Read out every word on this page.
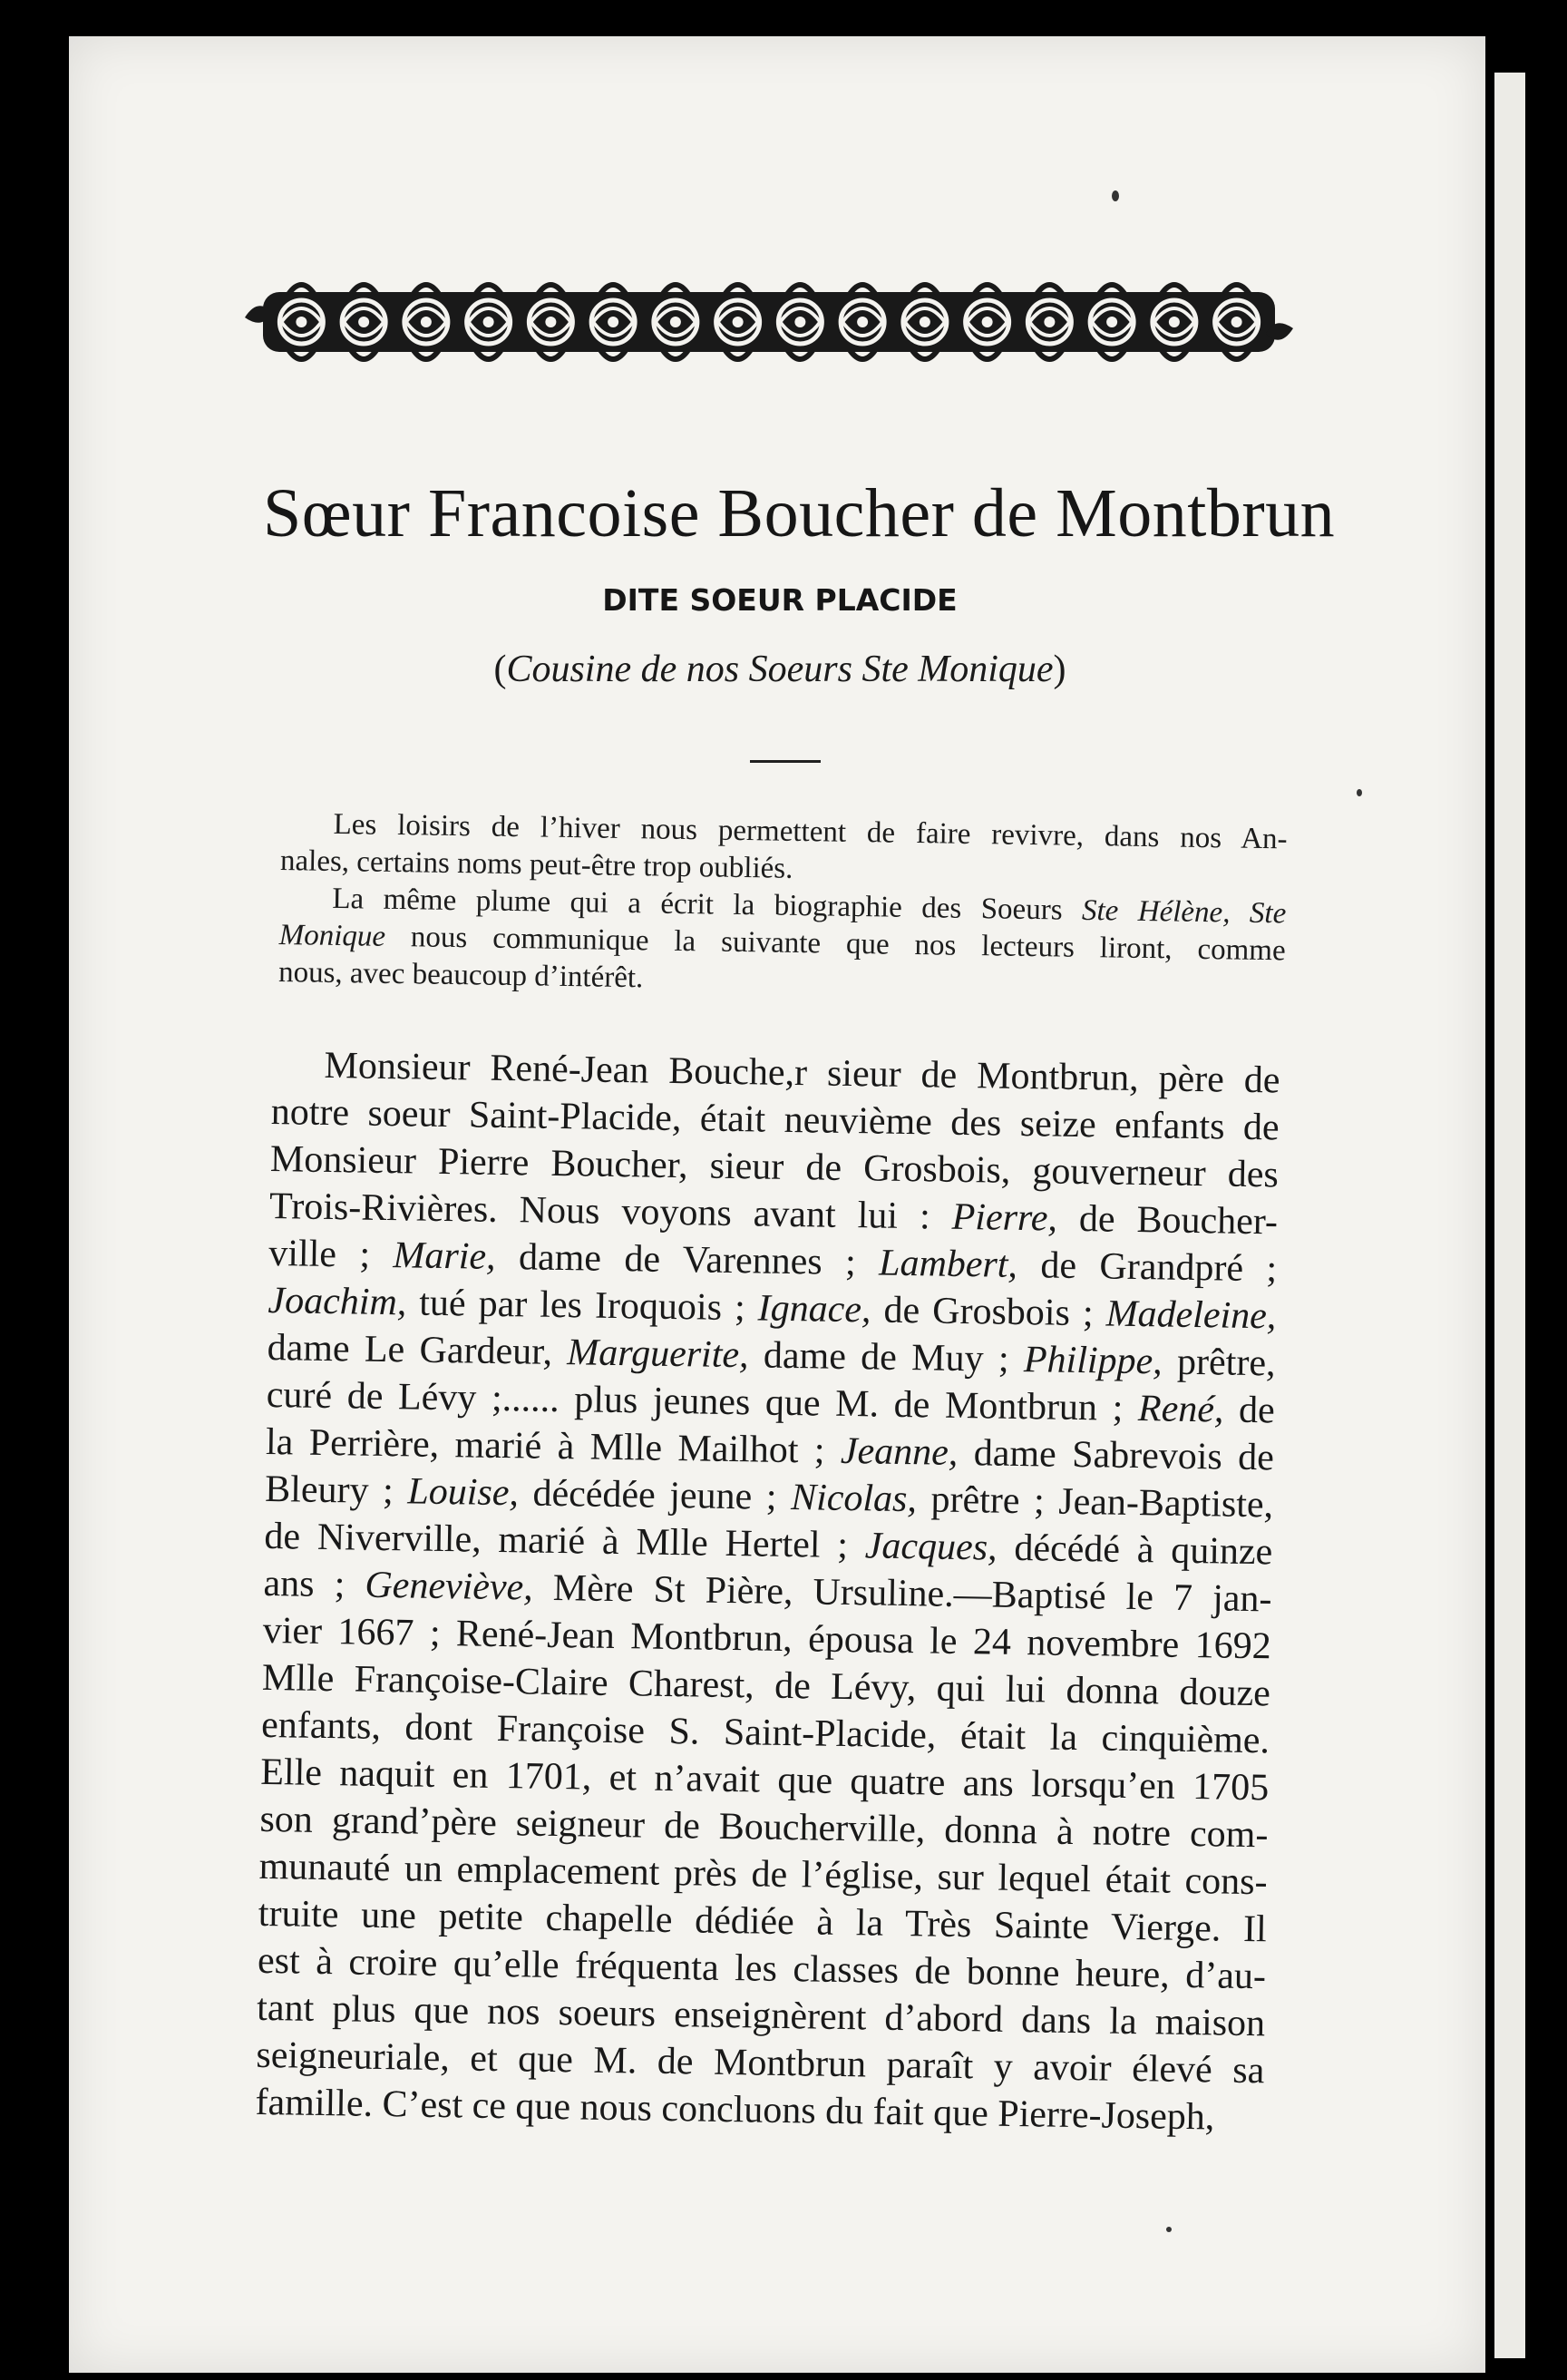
Sœur Francoise Boucher de Montbrun
DITE SOEUR PLACIDE
(Cousine de nos Soeurs Ste Monique)
Les loisirs de l’hiver nous permettent de faire revivre, dans nos An-
nales, certains noms peut-être trop oubliés.
La même plume qui a écrit la biographie des Soeurs Ste Hélène, Ste
Monique nous communique la suivante que nos lecteurs liront, comme
nous, avec beaucoup d’intérêt.
Monsieur René-Jean Bouche,r sieur de Montbrun, père de
notre soeur Saint-Placide, était neuvième des seize enfants de
Monsieur Pierre Boucher, sieur de Grosbois, gouverneur des
Trois-Rivières. Nous voyons avant lui : Pierre, de Boucher-
ville ; Marie, dame de Varennes ; Lambert, de Grandpré ;
Joachim, tué par les Iroquois ; Ignace, de Grosbois ; Madeleine,
dame Le Gardeur, Marguerite, dame de Muy ; Philippe, prêtre,
curé de Lévy ;...... plus jeunes que M. de Montbrun ; René, de
la Perrière, marié à Mlle Mailhot ; Jeanne, dame Sabrevois de
Bleury ; Louise, décédée jeune ; Nicolas, prêtre ; Jean-Baptiste,
de Niverville, marié à Mlle Hertel ; Jacques, décédé à quinze
ans ; Geneviève, Mère St Pière, Ursuline.—Baptisé le 7 jan-
vier 1667 ; René-Jean Montbrun, épousa le 24 novembre 1692
Mlle Françoise-Claire Charest, de Lévy, qui lui donna douze
enfants, dont Françoise S. Saint-Placide, était la cinquième.
Elle naquit en 1701, et n’avait que quatre ans lorsqu’en 1705
son grand’père seigneur de Boucherville, donna à notre com-
munauté un emplacement près de l’église, sur lequel était cons-
truite une petite chapelle dédiée à la Très Sainte Vierge. Il
est à croire qu’elle fréquenta les classes de bonne heure, d’au-
tant plus que nos soeurs enseignèrent d’abord dans la maison
seigneuriale, et que M. de Montbrun paraît y avoir élevé sa
famille. C’est ce que nous concluons du fait que Pierre-Joseph,
